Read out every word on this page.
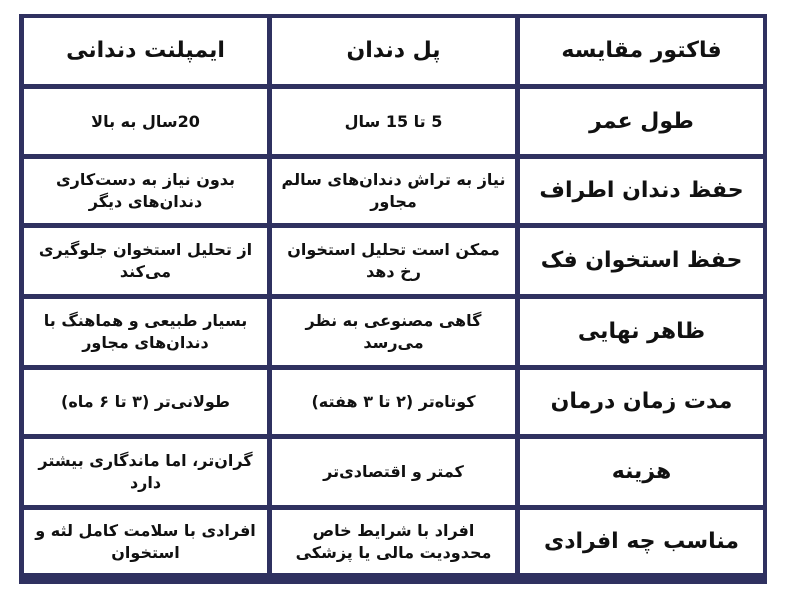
فاکتور مقایسه
پل دندان
ایمپلنت دندانی
طول عمر
5 تا 15 سال
20سال به بالا
حفظ دندان اطراف
نیاز به تراش دندان‌های سالم مجاور
بدون نیاز به دست‌کاری دندان‌های دیگر
حفظ استخوان فک
ممکن است تحلیل استخوان رخ دهد
از تحلیل استخوان جلوگیری می‌کند
ظاهر نهایی
گاهی مصنوعی به نظر می‌رسد
بسیار طبیعی و هماهنگ با دندان‌های مجاور
مدت زمان درمان
کوتاه‌تر (۲ تا ۳ هفته)
طولانی‌تر (۳ تا ۶ ماه)
هزینه
کمتر و اقتصادی‌تر
گران‌تر، اما ماندگاری بیشتر دارد
مناسب چه افرادی
افراد با شرایط خاص محدودیت مالی یا پزشکی
افرادی با سلامت کامل لثه و استخوان
